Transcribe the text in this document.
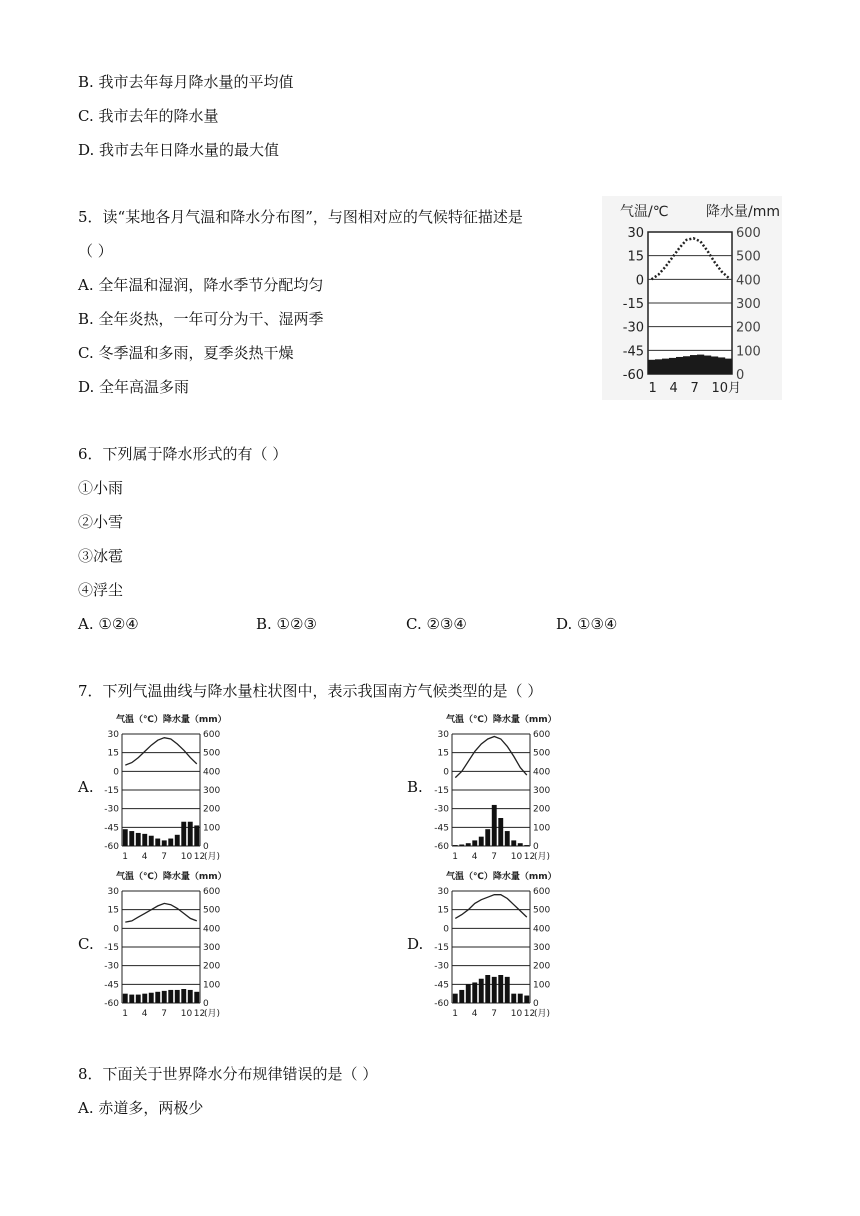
B. 我市去年每月降水量的平均值
C. 我市去年的降水量
D. 我市去年日降水量的最大值
5．读“某地各月气温和降水分布图”，与图相对应的气候特征描述是
（ ）
A. 全年温和湿润，降水季节分配均匀
B. 全年炎热，一年可分为干、湿两季
C. 冬季温和多雨，夏季炎热干燥
D. 全年高温多雨
气温/℃	降水量/mm
30
15
0
-15
-30
-45
-60
600
500
400
300
200
100
0
1 4 7 10月
6．下列属于降水形式的有（ ）
①小雨
②小雪
③冰雹
④浮尘
A. ①②④	B. ①②③	C. ②③④	D. ①③④
7．下列气温曲线与降水量柱状图中，表示我国南方气候类型的是（ ）
A.	B.
C.	D.
气温（℃）降水量（mm）
30
15
0
-15
-30
-45
-60
600
500
400
300
200
100
0
1 4 7 10 12
(月)
气温（℃）降水量（mm）
30
15
0
-15
-30
-45
-60
600
500
400
300
200
100
0
1 4 7 10 12
(月)
气温（℃）降水量（mm）
30
15
0
-15
-30
-45
-60
600
500
400
300
200
100
0
1 4 7 10 12
(月)
气温（℃）降水量（mm）
30
15
0
-15
-30
-45
-60
600
500
400
300
200
100
0
1 4 7 10 12
(月)
8．下面关于世界降水分布规律错误的是（ ）
A. 赤道多，两极少
